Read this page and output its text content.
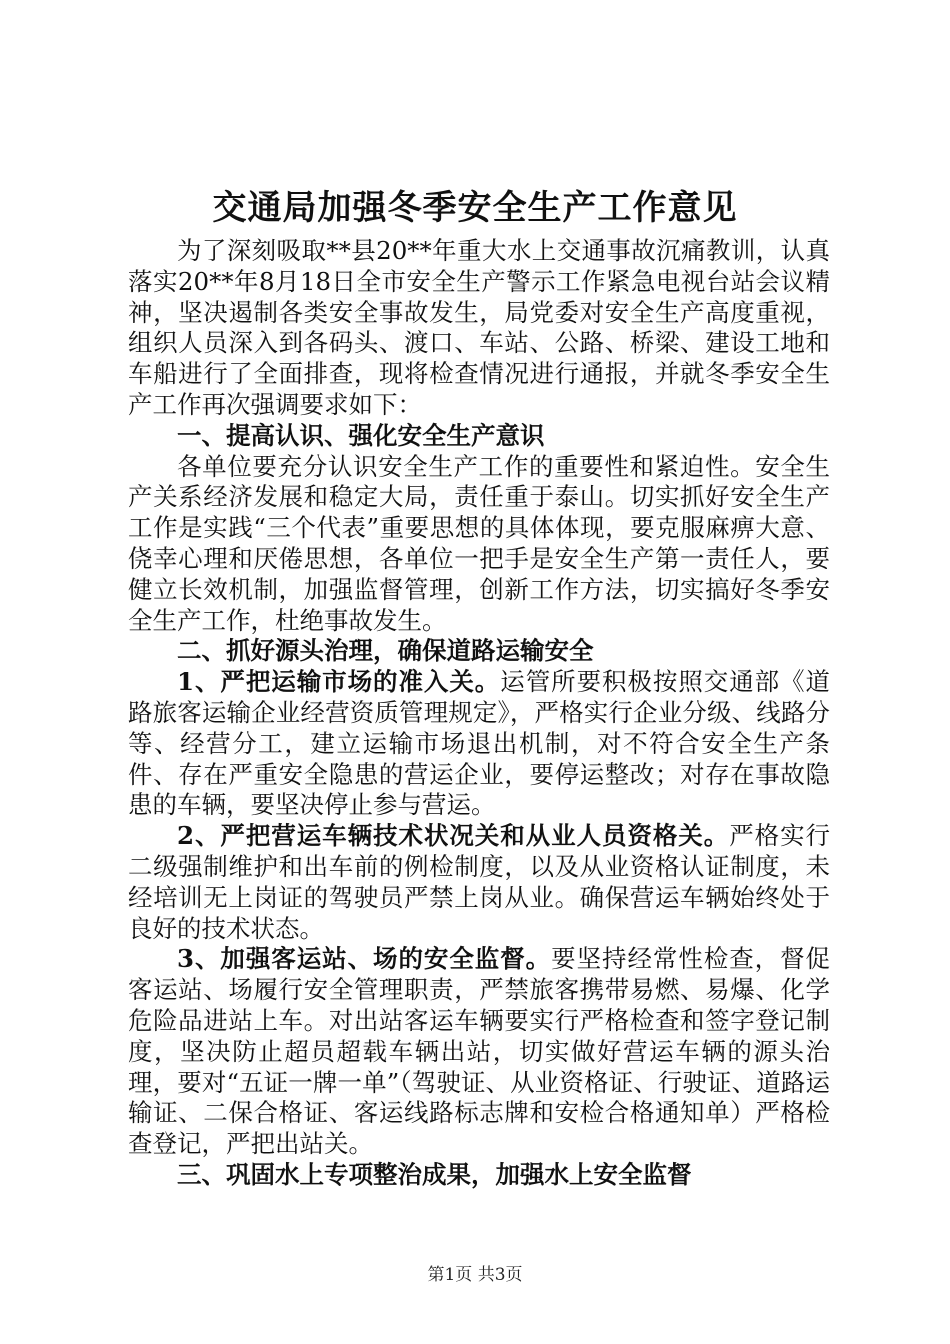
交通局加强冬季安全生产工作意见

为了深刻吸取**县20**年重大水上交通事故沉痛教训，认真落实20**年8月18日全市安全生产警示工作紧急电视台站会议精神，坚决遏制各类安全事故发生，局党委对安全生产高度重视，组织人员深入到各码头、渡口、车站、公路、桥梁、建设工地和车船进行了全面排查，现将检查情况进行通报，并就冬季安全生产工作再次强调要求如下：

一、提高认识、强化安全生产意识

各单位要充分认识安全生产工作的重要性和紧迫性。安全生产关系经济发展和稳定大局，责任重于泰山。切实抓好安全生产工作是实践“三个代表”重要思想的具体体现，要克服麻痹大意、侥幸心理和厌倦思想，各单位一把手是安全生产第一责任人，要健立长效机制，加强监督管理，创新工作方法，切实搞好冬季安全生产工作，杜绝事故发生。

二、抓好源头治理，确保道路运输安全

1、严把运输市场的准入关。运管所要积极按照交通部《道路旅客运输企业经营资质管理规定》，严格实行企业分级、线路分等、经营分工，建立运输市场退出机制，对不符合安全生产条件、存在严重安全隐患的营运企业，要停运整改；对存在事故隐患的车辆，要坚决停止参与营运。

2、严把营运车辆技术状况关和从业人员资格关。严格实行二级强制维护和出车前的例检制度，以及从业资格认证制度，未经培训无上岗证的驾驶员严禁上岗从业。确保营运车辆始终处于良好的技术状态。

3、加强客运站、场的安全监督。要坚持经常性检查，督促客运站、场履行安全管理职责，严禁旅客携带易燃、易爆、化学危险品进站上车。对出站客运车辆要实行严格检查和签字登记制度，坚决防止超员超载车辆出站，切实做好营运车辆的源头治理，要对“五证一牌一单”（驾驶证、从业资格证、行驶证、道路运输证、二保合格证、客运线路标志牌和安检合格通知单）严格检查登记，严把出站关。

三、巩固水上专项整治成果，加强水上安全监督

第1页 共3页
